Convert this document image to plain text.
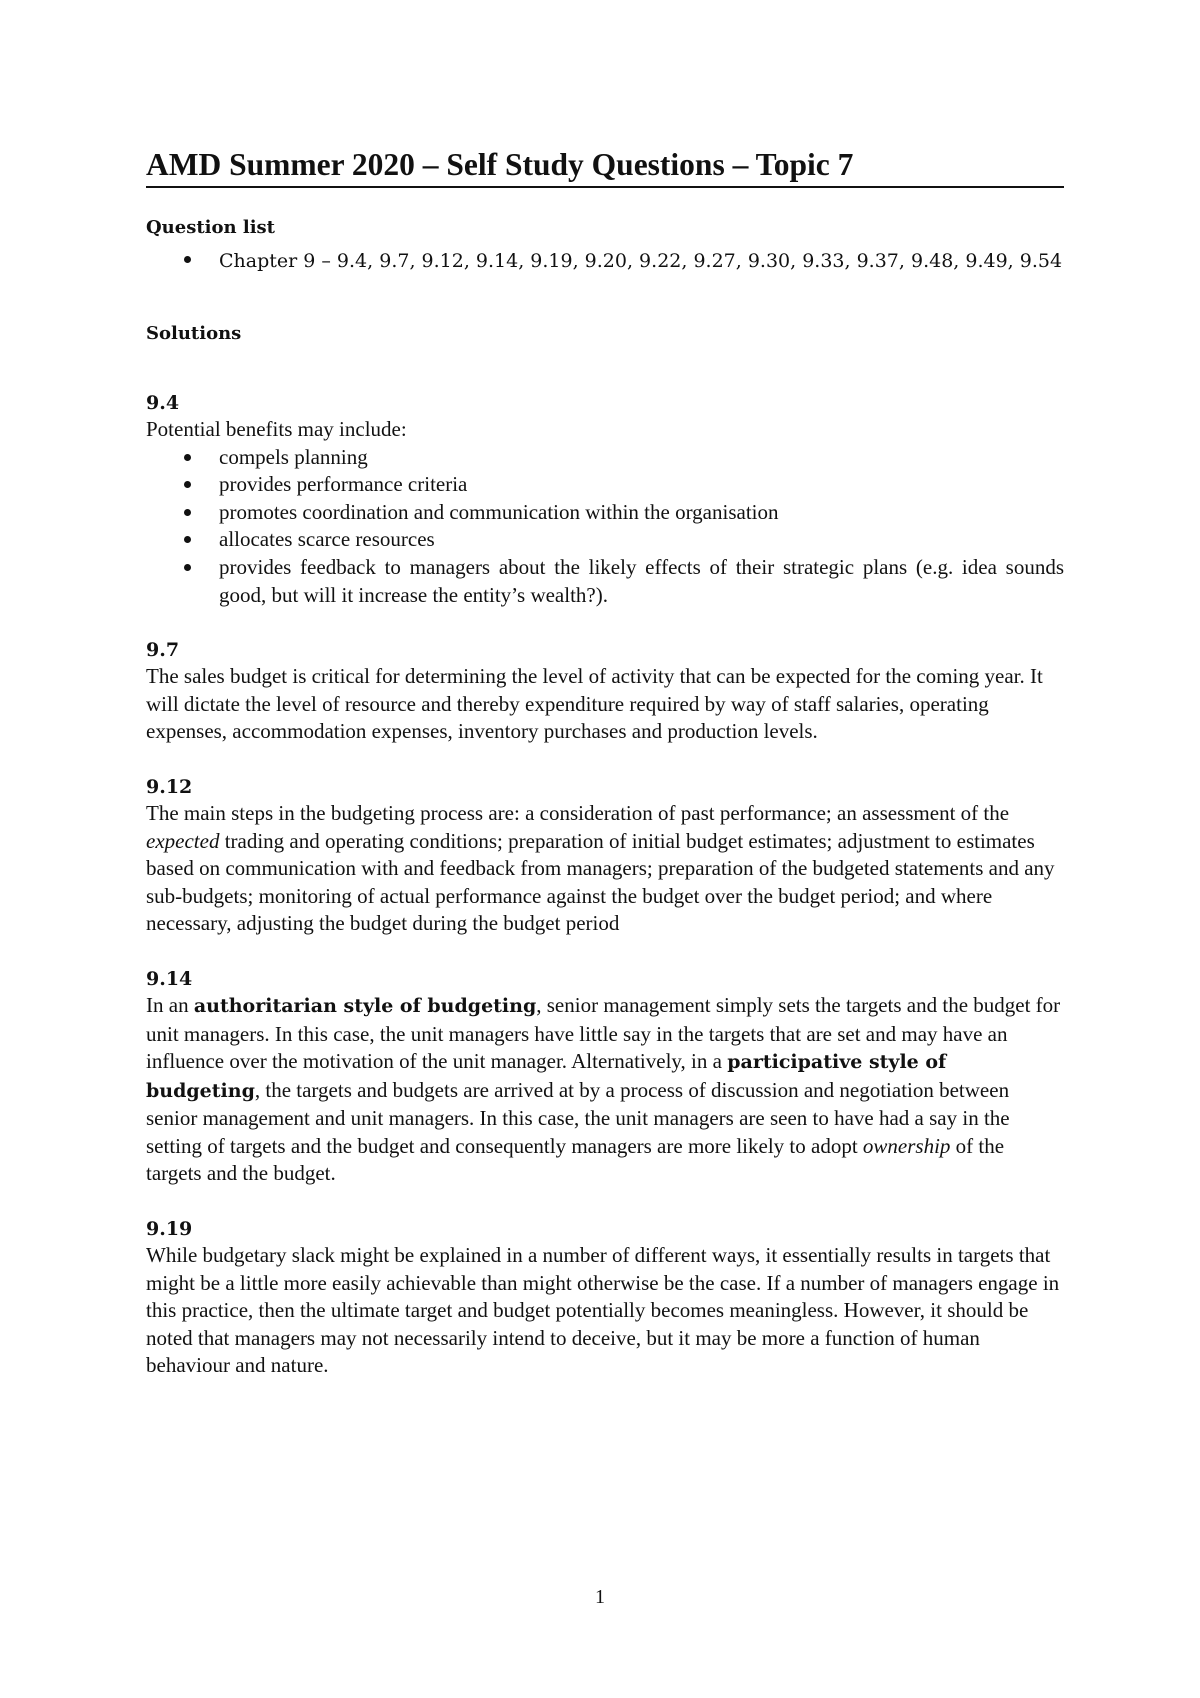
AMD Summer 2020 – Self Study Questions – Topic 7
Question list
Chapter 9 – 9.4, 9.7, 9.12, 9.14, 9.19, 9.20, 9.22, 9.27, 9.30, 9.33, 9.37, 9.48, 9.49, 9.54
Solutions
9.4
Potential benefits may include:
compels planning
provides performance criteria
promotes coordination and communication within the organisation
allocates scarce resources
provides feedback to managers about the likely effects of their strategic plans (e.g. idea sounds good, but will it increase the entity’s wealth?).
9.7
The sales budget is critical for determining the level of activity that can be expected for the coming year. It will dictate the level of resource and thereby expenditure required by way of staff salaries, operating expenses, accommodation expenses, inventory purchases and production levels.
9.12
The main steps in the budgeting process are: a consideration of past performance; an assessment of the expected trading and operating conditions; preparation of initial budget estimates; adjustment to estimates based on communication with and feedback from managers; preparation of the budgeted statements and any sub-budgets; monitoring of actual performance against the budget over the budget period; and where necessary, adjusting the budget during the budget period
9.14
In an authoritarian style of budgeting, senior management simply sets the targets and the budget for unit managers. In this case, the unit managers have little say in the targets that are set and may have an influence over the motivation of the unit manager. Alternatively, in a participative style of budgeting, the targets and budgets are arrived at by a process of discussion and negotiation between senior management and unit managers. In this case, the unit managers are seen to have had a say in the setting of targets and the budget and consequently managers are more likely to adopt ownership of the targets and the budget.
9.19
While budgetary slack might be explained in a number of different ways, it essentially results in targets that might be a little more easily achievable than might otherwise be the case. If a number of managers engage in this practice, then the ultimate target and budget potentially becomes meaningless. However, it should be noted that managers may not necessarily intend to deceive, but it may be more a function of human behaviour and nature.
1
